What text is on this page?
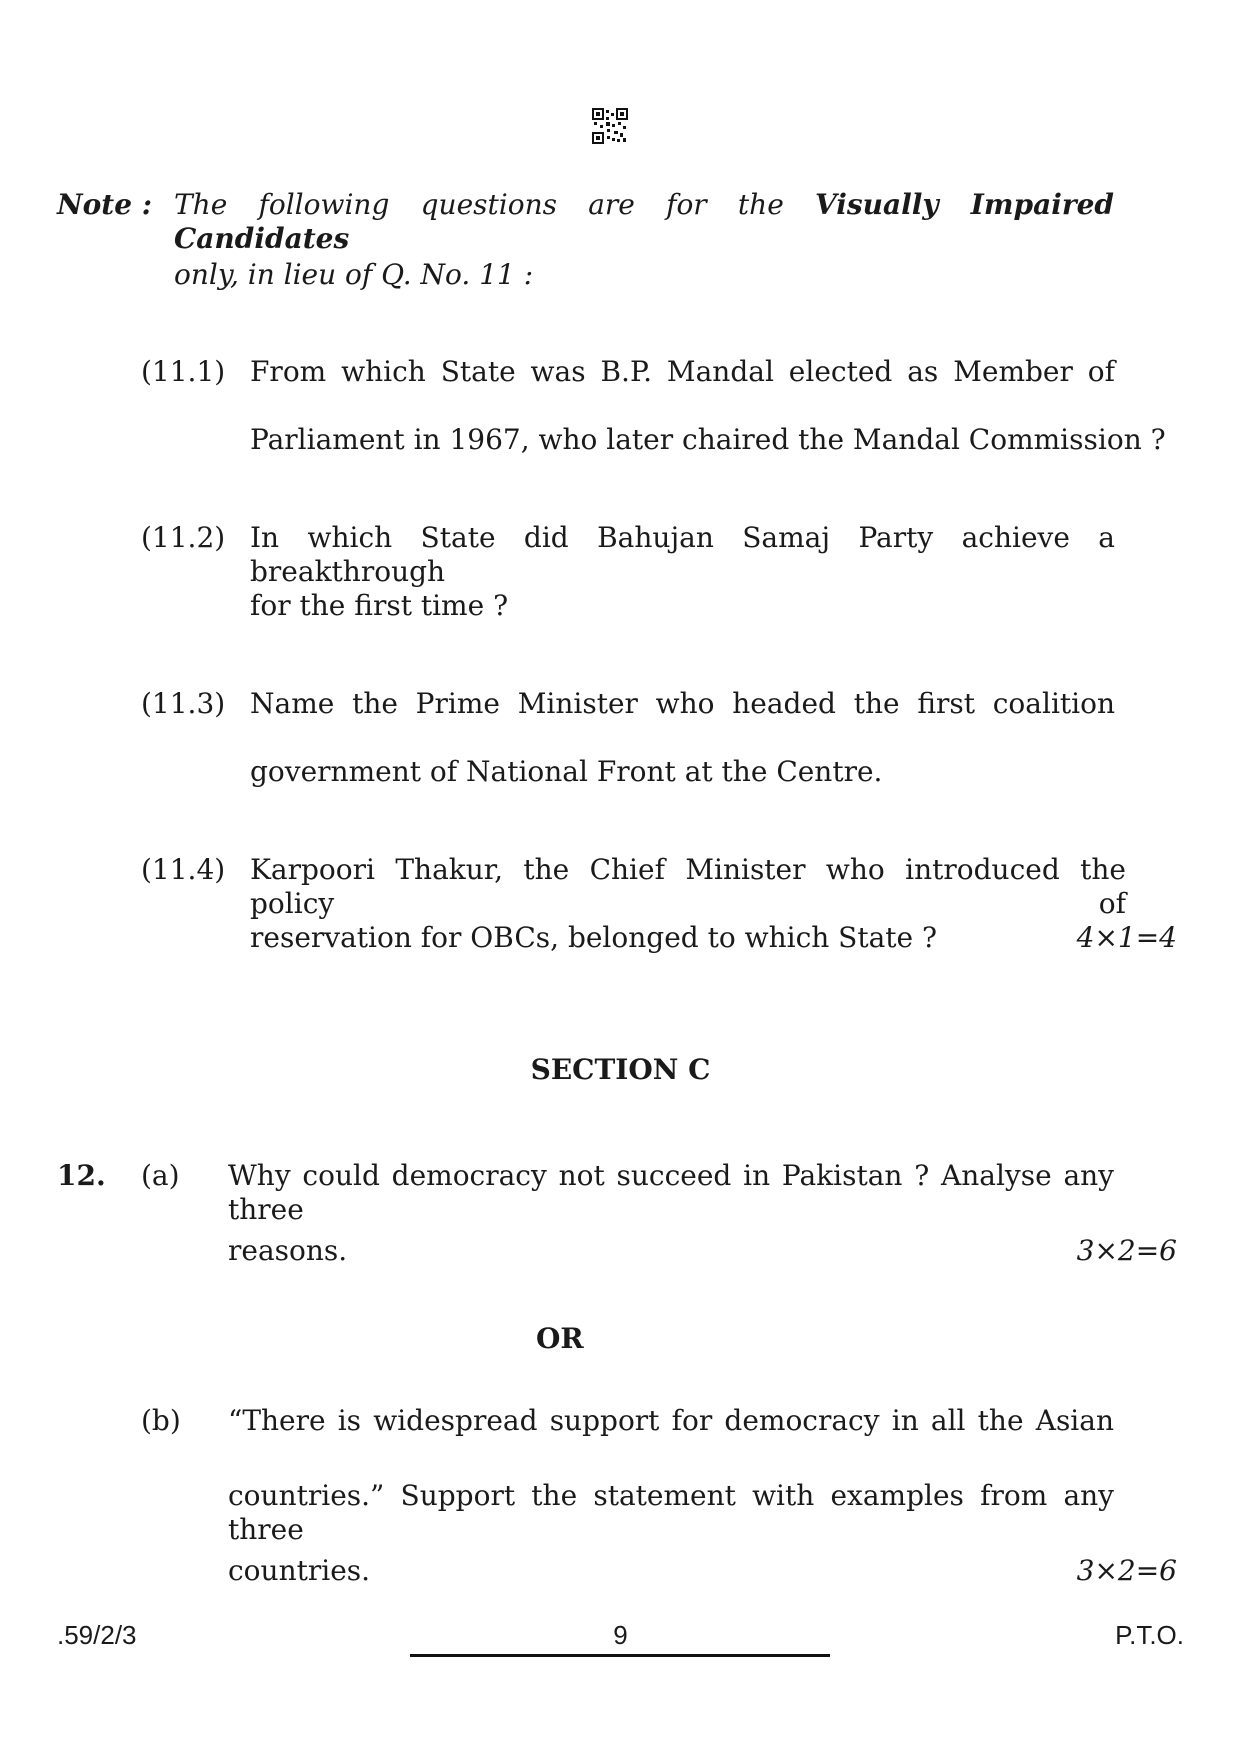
Note : The following questions are for the Visually Impaired Candidates
only, in lieu of Q. No. 11 :
(11.1) From which State was B.P. Mandal elected as Member of
Parliament in 1967, who later chaired the Mandal Commission ?
(11.2) In which State did Bahujan Samaj Party achieve a breakthrough
for the first time ?
(11.3) Name the Prime Minister who headed the first coalition
government of National Front at the Centre.
(11.4) Karpoori Thakur, the Chief Minister who introduced the policy of
reservation for OBCs, belonged to which State ?	4×1=4
SECTION C
12. (a) Why could democracy not succeed in Pakistan ? Analyse any three
reasons.	3×2=6
OR
(b) “There is widespread support for democracy in all the Asian
countries.” Support the statement with examples from any three
countries.	3×2=6
.59/2/3	9	P.T.O.
